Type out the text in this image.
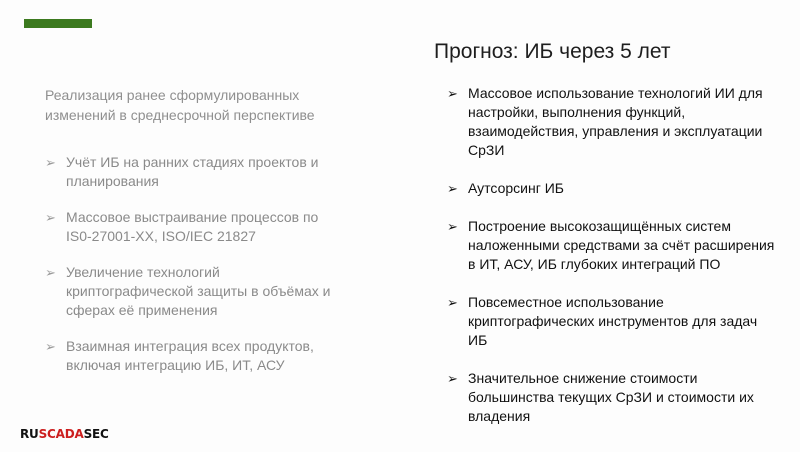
Прогноз: ИБ через 5 лет
Реализация ранее сформулированных изменений в среднесрочной перспективе
➢ Учёт ИБ на ранних стадиях проектов и планирования
➢ Массовое выстраивание процессов по IS0-27001-XX, ISO/IEC 21827
➢ Увеличение технологий криптографической защиты в объёмах и сферах её применения
➢ Взаимная интеграция всех продуктов, включая интеграцию ИБ, ИТ, АСУ
➢ Массовое использование технологий ИИ для настройки, выполнения функций, взаимодействия, управления и эксплуатации СрЗИ
➢ Аутсорсинг ИБ
➢ Построение высокозащищённых систем наложенными средствами за счёт расширения в ИТ, АСУ, ИБ глубоких интеграций ПО
➢ Повсеместное использование криптографических инструментов для задач ИБ
➢ Значительное снижение стоимости большинства текущих СрЗИ и стоимости их владения
RUSCADASEC
